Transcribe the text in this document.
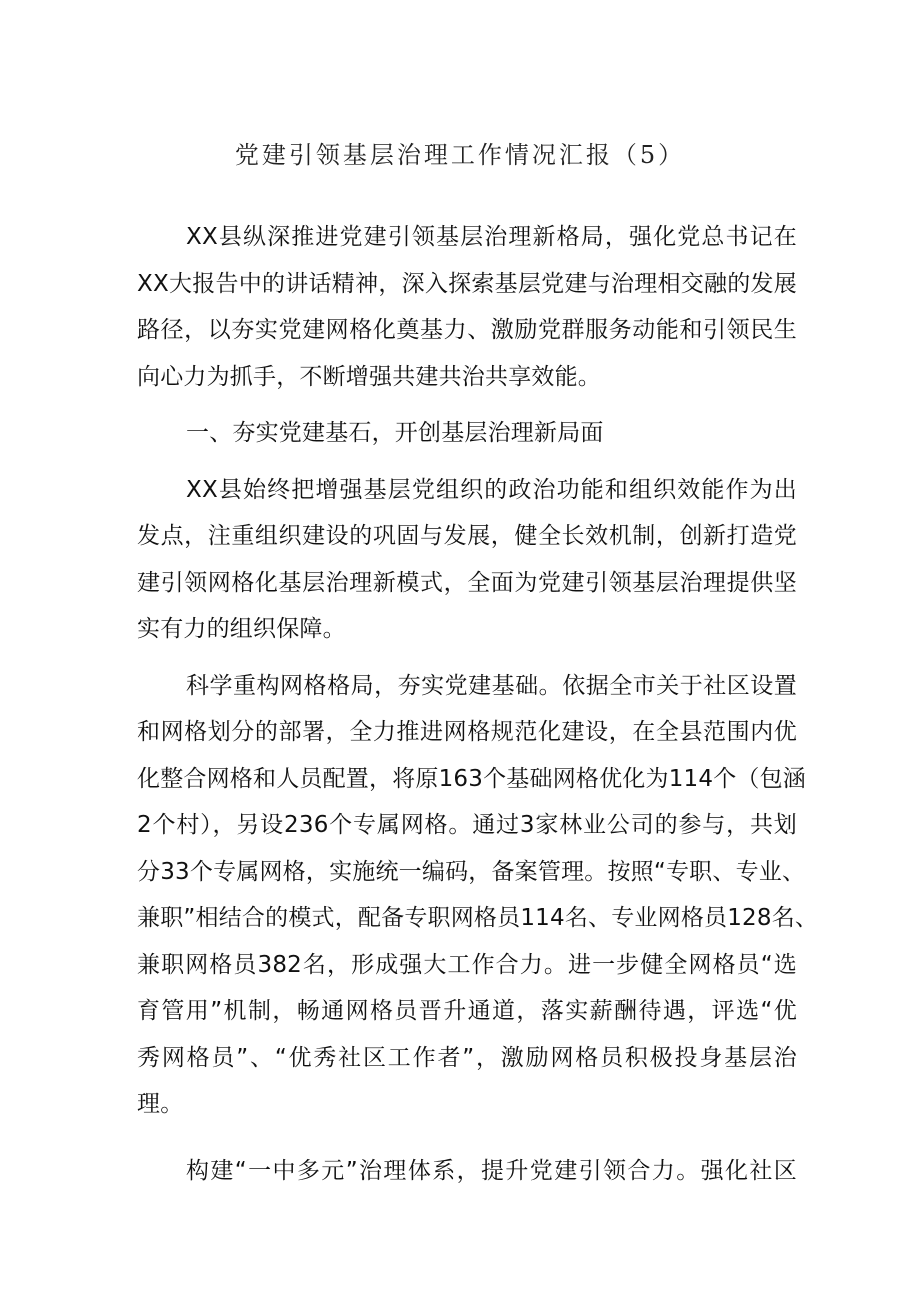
党建引领基层治理工作情况汇报（5）
XX县纵深推进党建引领基层治理新格局，强化党总书记在
XX大报告中的讲话精神，深入探索基层党建与治理相交融的发展
路径，以夯实党建网格化奠基力、激励党群服务动能和引领民生
向心力为抓手，不断增强共建共治共享效能。
一、夯实党建基石，开创基层治理新局面
XX县始终把增强基层党组织的政治功能和组织效能作为出
发点，注重组织建设的巩固与发展，健全长效机制，创新打造党
建引领网格化基层治理新模式，全面为党建引领基层治理提供坚
实有力的组织保障。
科学重构网格格局，夯实党建基础。依据全市关于社区设置
和网格划分的部署，全力推进网格规范化建设，在全县范围内优
化整合网格和人员配置，将原163个基础网格优化为114个（包涵
2个村），另设236个专属网格。通过3家林业公司的参与，共划
分33个专属网格，实施统一编码，备案管理。按照“专职、专业、
兼职”相结合的模式，配备专职网格员114名、专业网格员128名、
兼职网格员382名，形成强大工作合力。进一步健全网格员“选
育管用”机制，畅通网格员晋升通道，落实薪酬待遇，评选“优
秀网格员”、“优秀社区工作者”，激励网格员积极投身基层治
理。
构建“一中多元”治理体系，提升党建引领合力。强化社区
